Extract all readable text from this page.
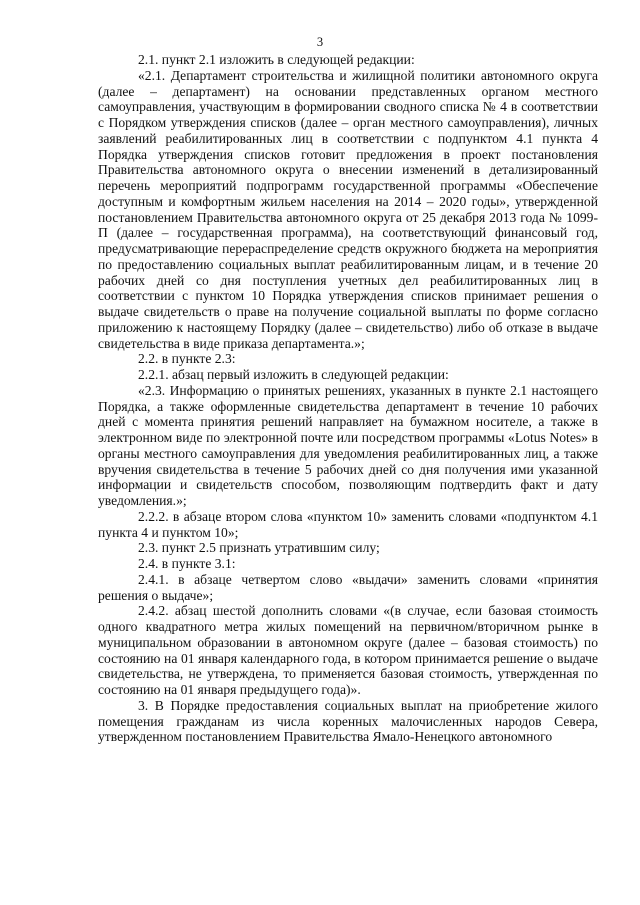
3

2.1. пункт 2.1 изложить в следующей редакции:

«2.1. Департамент строительства и жилищной политики автономного округа (далее – департамент) на основании представленных органом местного самоуправления, участвующим в формировании сводного списка № 4 в соответствии с Порядком утверждения списков (далее – орган местного самоуправления), личных заявлений реабилитированных лиц в соответствии с подпунктом 4.1 пункта 4 Порядка утверждения списков готовит предложения в проект постановления Правительства автономного округа о внесении изменений в детализированный перечень мероприятий подпрограмм государственной программы «Обеспечение доступным и комфортным жильем населения на 2014 – 2020 годы», утвержденной постановлением Правительства автономного округа от 25 декабря 2013 года № 1099-П (далее – государственная программа), на соответствующий финансовый год, предусматривающие перераспределение средств окружного бюджета на мероприятия по предоставлению социальных выплат реабилитированным лицам, и в течение 20 рабочих дней со дня поступления учетных дел реабилитированных лиц в соответствии с пунктом 10 Порядка утверждения списков принимает решения о выдаче свидетельств о праве на получение социальной выплаты по форме согласно приложению к настоящему Порядку (далее – свидетельство) либо об отказе в выдаче свидетельства в виде приказа департамента.»;

2.2. в пункте 2.3:

2.2.1. абзац первый изложить в следующей редакции:

«2.3. Информацию о принятых решениях, указанных в пункте 2.1 настоящего Порядка, а также оформленные свидетельства департамент в течение 10 рабочих дней с момента принятия решений направляет на бумажном носителе, а также в электронном виде по электронной почте или посредством программы «Lotus Notes» в органы местного самоуправления для уведомления реабилитированных лиц, а также вручения свидетельства в течение 5 рабочих дней со дня получения ими указанной информации и свидетельств способом, позволяющим подтвердить факт и дату уведомления.»;

2.2.2. в абзаце втором слова «пунктом 10» заменить словами «подпунктом 4.1 пункта 4 и пунктом 10»;

2.3. пункт 2.5 признать утратившим силу;

2.4. в пункте 3.1:

2.4.1. в абзаце четвертом слово «выдачи» заменить словами «принятия решения о выдаче»;

2.4.2. абзац шестой дополнить словами «(в случае, если базовая стоимость одного квадратного метра жилых помещений на первичном/вторичном рынке в муниципальном образовании в автономном округе (далее – базовая стоимость) по состоянию на 01 января календарного года, в котором принимается решение о выдаче свидетельства, не утверждена, то применяется базовая стоимость, утвержденная по состоянию на 01 января предыдущего года)».

3. В Порядке предоставления социальных выплат на приобретение жилого помещения гражданам из числа коренных малочисленных народов Севера, утвержденном постановлением Правительства Ямало-Ненецкого автономного
